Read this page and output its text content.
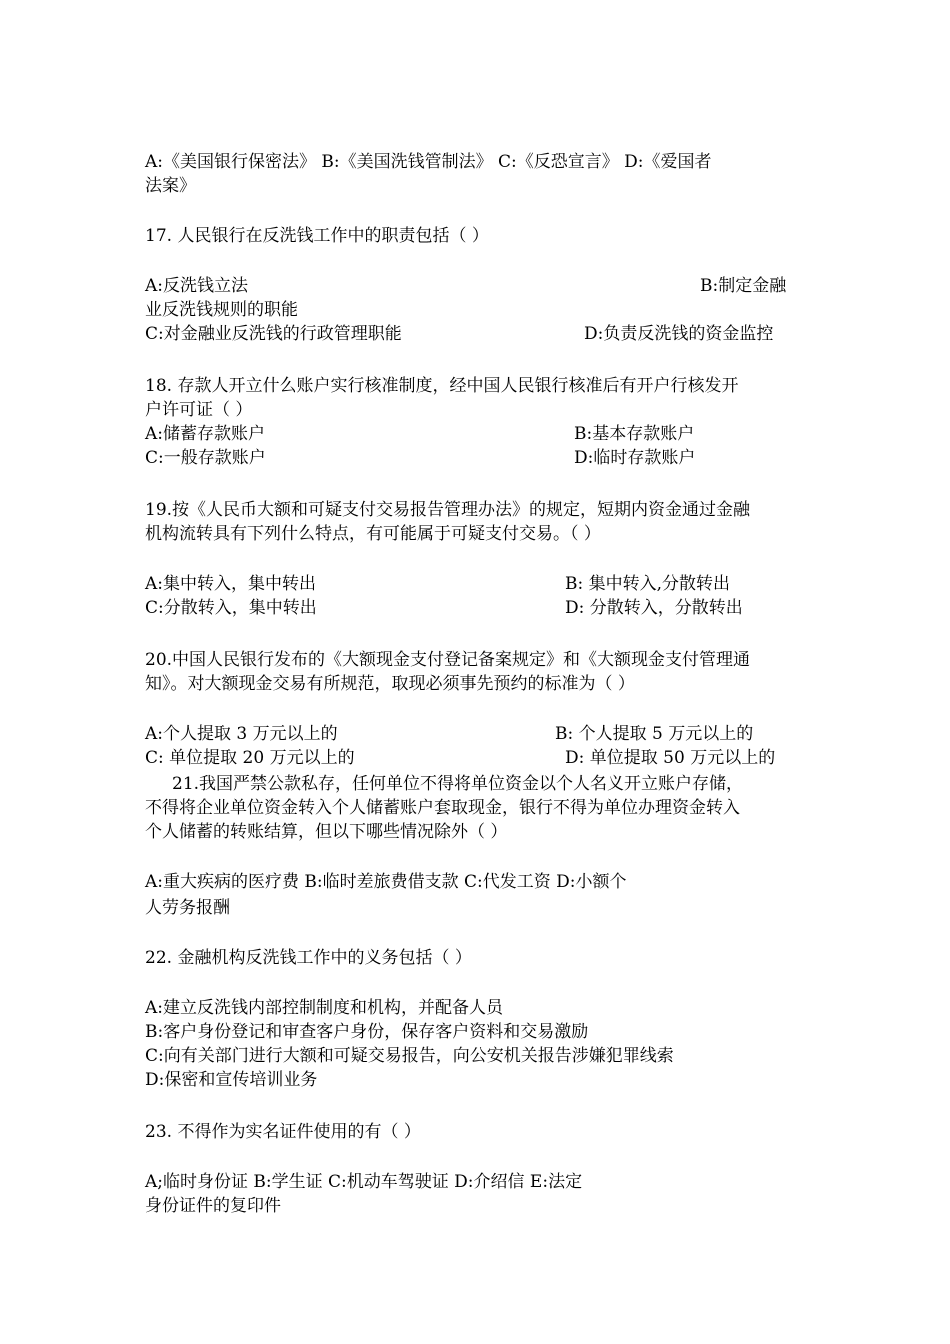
A:《美国银行保密法》 B:《美国洗钱管制法》 C:《反恐宣言》 D:《爱国者
法案》
17. 人民银行在反洗钱工作中的职责包括（ ）
A:反洗钱立法	B:制定金融
业反洗钱规则的职能
C:对金融业反洗钱的行政管理职能	D:负责反洗钱的资金监控
18. 存款人开立什么账户实行核准制度，经中国人民银行核准后有开户行核发开
户许可证（ ）
A:储蓄存款账户	B:基本存款账户
C:一般存款账户	D:临时存款账户
19.按《人民币大额和可疑支付交易报告管理办法》的规定，短期内资金通过金融
机构流转具有下列什么特点，有可能属于可疑支付交易。（ ）
A:集中转入，集中转出	B: 集中转入,分散转出
C:分散转入，集中转出	D: 分散转入，分散转出
20.中国人民银行发布的《大额现金支付登记备案规定》和《大额现金支付管理通
知》。对大额现金交易有所规范，取现必须事先预约的标准为（ ）
A:个人提取 3 万元以上的	B: 个人提取 5 万元以上的
C: 单位提取 20 万元以上的	D: 单位提取 50 万元以上的
21.我国严禁公款私存，任何单位不得将单位资金以个人名义开立账户存储，
不得将企业单位资金转入个人储蓄账户套取现金，银行不得为单位办理资金转入
个人储蓄的转账结算，但以下哪些情况除外（ ）
A:重大疾病的医疗费 B:临时差旅费借支款 C:代发工资 D:小额个
人劳务报酬
22. 金融机构反洗钱工作中的义务包括（ ）
A:建立反洗钱内部控制制度和机构，并配备人员
B:客户身份登记和审查客户身份，保存客户资料和交易激励
C:向有关部门进行大额和可疑交易报告，向公安机关报告涉嫌犯罪线索
D:保密和宣传培训业务
23. 不得作为实名证件使用的有（ ）
A;临时身份证 B:学生证 C:机动车驾驶证 D:介绍信 E:法定
身份证件的复印件
